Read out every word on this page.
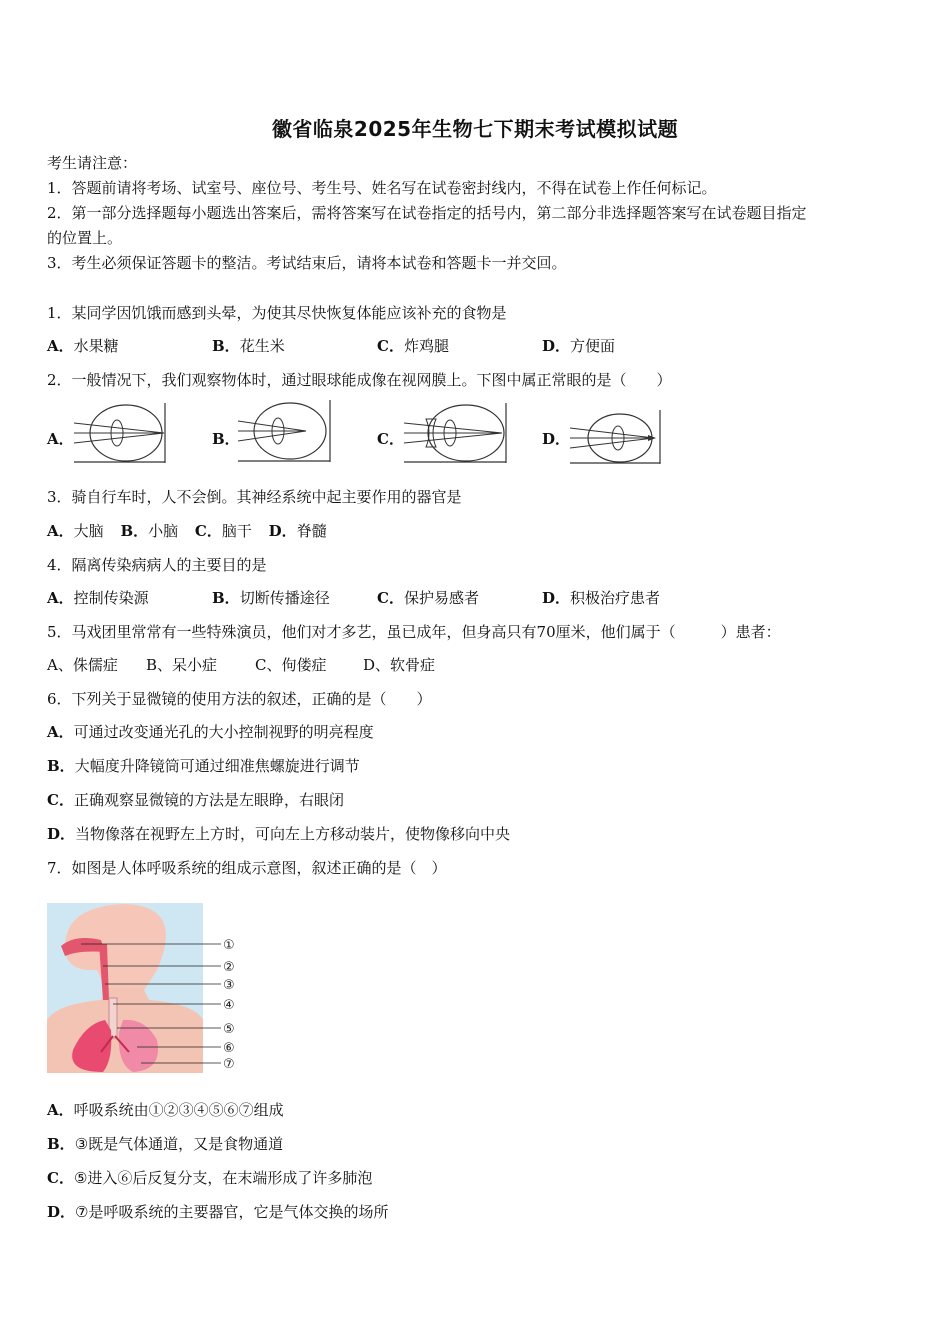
徽省临泉2025年生物七下期末考试模拟试题
考生请注意：
1．答题前请将考场、试室号、座位号、考生号、姓名写在试卷密封线内，不得在试卷上作任何标记。
2．第一部分选择题每小题选出答案后，需将答案写在试卷指定的括号内，第二部分非选择题答案写在试卷题目指定
的位置上。
3．考生必须保证答题卡的整洁。考试结束后，请将本试卷和答题卡一并交回。
1．某同学因饥饿而感到头晕，为使其尽快恢复体能应该补充的食物是
A．水果糖	B．花生米	C．炸鸡腿	D．方便面
2．一般情况下，我们观察物体时，通过眼球能成像在视网膜上。下图中属正常眼的是（　　）
A．	B．	C．	D．
3．骑自行车时，人不会倒。其神经系统中起主要作用的器官是
A．大脑 B．小脑 C．脑干 D．脊髓
4．隔离传染病病人的主要目的是
A．控制传染源	B．切断传播途径	C．保护易感者	D．积极治疗患者
5．马戏团里常常有一些特殊演员，他们对才多艺，虽已成年，但身高只有70厘米，他们属于（　　　）患者：
A、侏儒症 B、呆小症	C、佝偻症 D、软骨症
6．下列关于显微镜的使用方法的叙述，正确的是（　　）
A．可通过改变通光孔的大小控制视野的明亮程度
B．大幅度升降镜筒可通过细准焦螺旋进行调节
C．正确观察显微镜的方法是左眼睁，右眼闭
D．当物像落在视野左上方时，可向左上方移动装片，使物像移向中央
7．如图是人体呼吸系统的组成示意图，叙述正确的是（　）
①
②
③
④
⑤
⑥
⑦
A．呼吸系统由①②③④⑤⑥⑦组成
B．③既是气体通道，又是食物通道
C．⑤进入⑥后反复分支，在末端形成了许多肺泡
D．⑦是呼吸系统的主要器官，它是气体交换的场所
